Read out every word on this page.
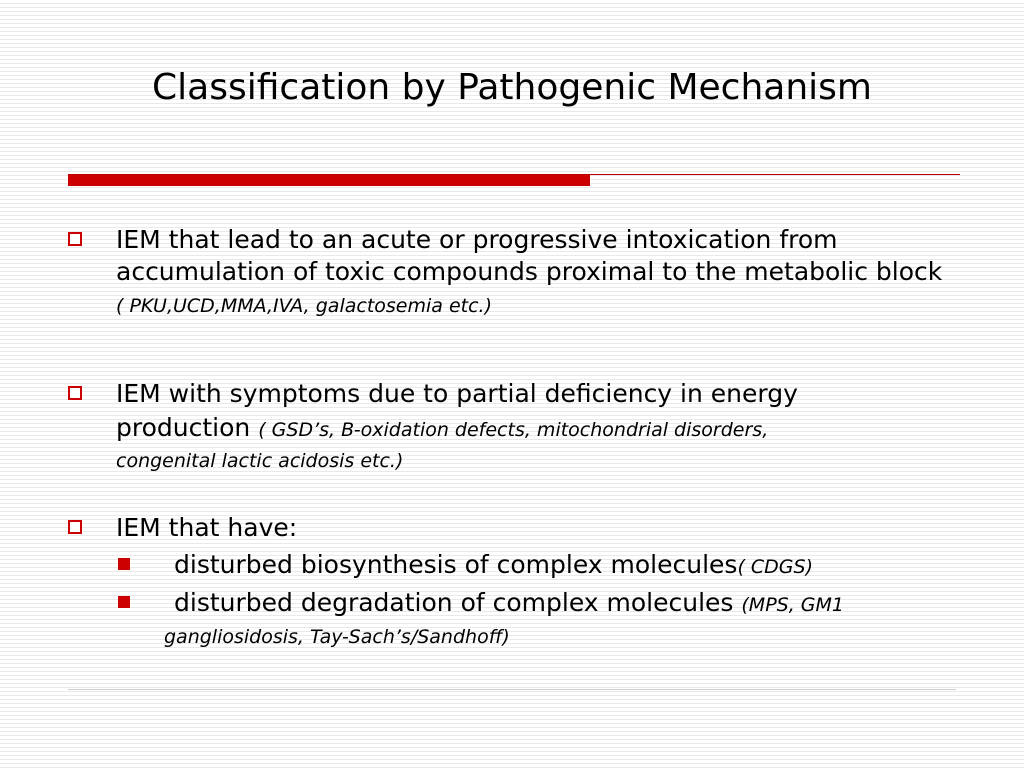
Classification by Pathogenic Mechanism
IEM that lead to an acute or progressive intoxication from accumulation of toxic compounds proximal to the metabolic block ( PKU,UCD,MMA,IVA, galactosemia etc.)
IEM with symptoms due to partial deficiency in energy
production ( GSD’s, B-oxidation defects, mitochondrial disorders,
congenital lactic acidosis etc.)
IEM that have:
disturbed biosynthesis of complex molecules( CDGS)
disturbed degradation of complex molecules (MPS, GM1 gangliosidosis, Tay-Sach’s/Sandhoff)
